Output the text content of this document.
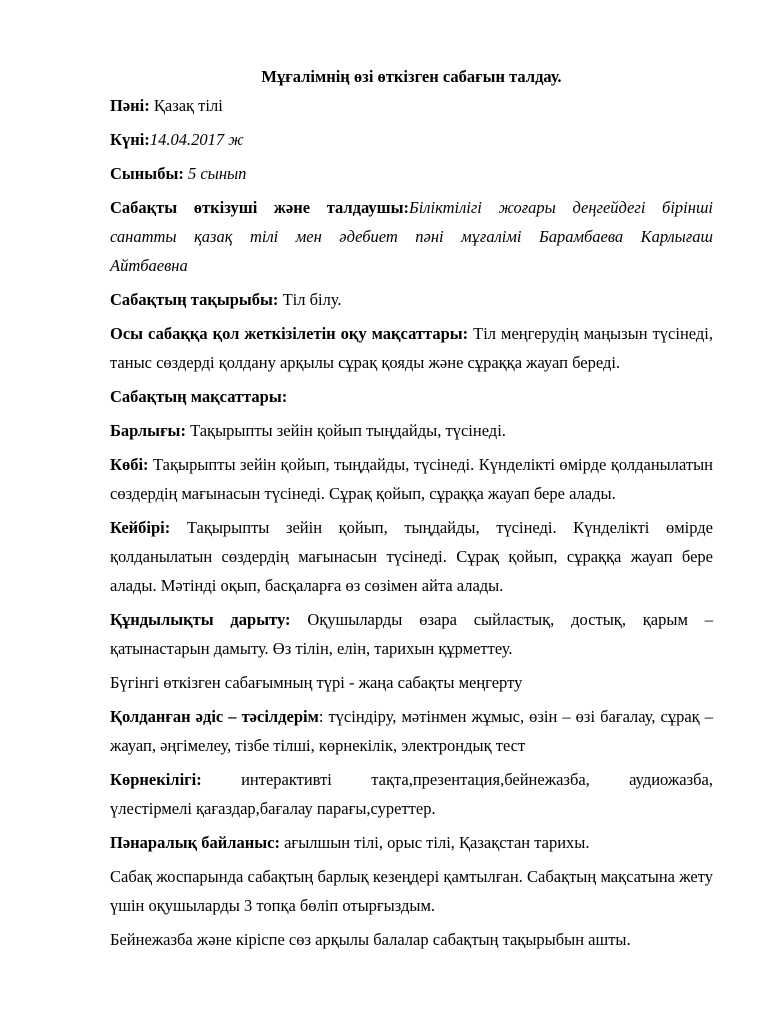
Мұғалімнің өзі өткізген сабағын талдау.

Пәні: Қазақ тілі

Күні:14.04.2017 ж

Сыныбы: 5 сынып

Сабақты өткізуші және талдаушы:Біліктілігі жоғары деңгейдегі бірінші
санатты қазақ тілі мен әдебиет пәні мұғалімі Барамбаева Карлығаш
Айтбаевна

Сабақтың тақырыбы: Тіл білу.

Осы сабаққа қол жеткізілетін оқу мақсаттары: Тіл меңгерудің маңызын түсінеді, таныс сөздерді қолдану арқылы сұрақ қояды және сұраққа жауап береді.

Сабақтың мақсаттары:

Барлығы: Тақырыпты зейін қойып тыңдайды, түсінеді.

Көбі: Тақырыпты зейін қойып, тыңдайды, түсінеді. Күнделікті өмірде қолданылатын сөздердің мағынасын түсінеді. Сұрақ қойып, сұраққа жауап бере алады.

Кейбірі: Тақырыпты зейін қойып, тыңдайды, түсінеді. Күнделікті өмірде қолданылатын сөздердің мағынасын түсінеді. Сұрақ қойып, сұраққа жауап бере алады. Мәтінді оқып, басқаларға өз сөзімен айта алады.

Құндылықты дарыту: Оқушыларды өзара сыйластық, достық, қарым – қатынастарын дамыту. Өз тілін, елін, тарихын құрметтеу.

Бүгінгі өткізген сабағымның түрі - жаңа сабақты меңгерту

Қолданған әдіс – тәсілдерім: түсіндіру, мәтінмен жұмыс, өзін – өзі бағалау, сұрақ – жауап, әңгімелеу, тізбе тілші, көрнекілік, электрондық тест

Көрнекілігі: интерактивті тақта,презентация,бейнежазба, аудиожазба,
үлестірмелі қағаздар,бағалау парағы,суреттер.

Пәнаралық байланыс: ағылшын тілі, орыс тілі, Қазақстан тарихы.

Сабақ жоспарында сабақтың барлық кезеңдері қамтылған. Сабақтың мақсатына жету үшін оқушыларды 3 топқа бөліп отырғыздым.

Бейнежазба және кіріспе сөз арқылы балалар сабақтың тақырыбын ашты.
